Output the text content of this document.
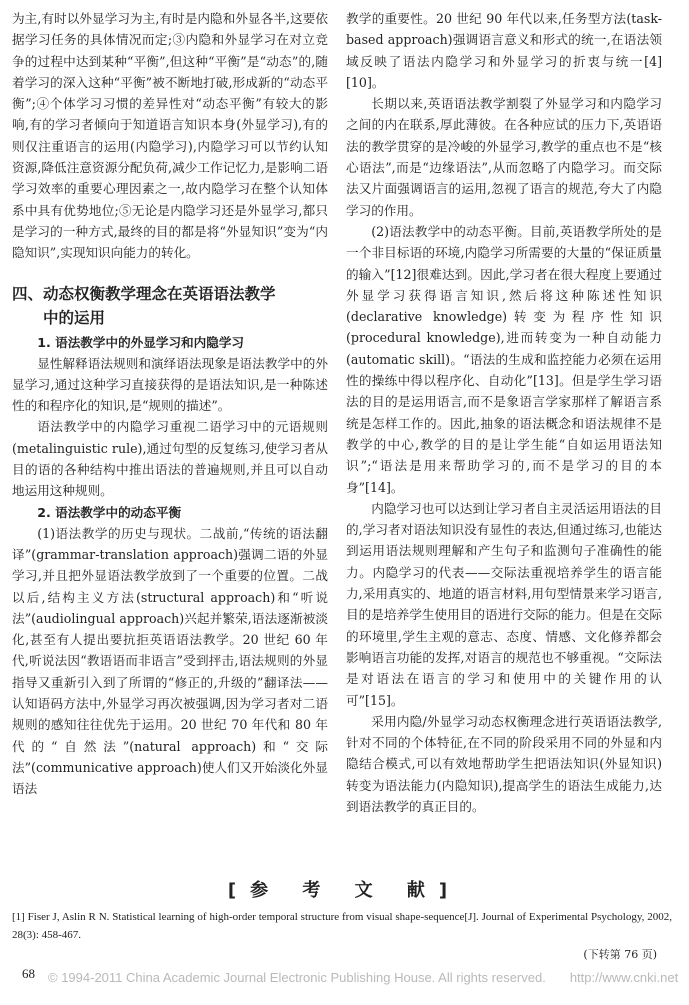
为主,有时以外显学习为主,有时是内隐和外显各半,这要依据学习任务的具体情况而定;③内隐和外显学习在对立竞争的过程中达到某种“平衡”,但这种“平衡”是“动态”的,随着学习的深入这种“平衡”被不断地打破,形成新的“动态平衡”;④个体学习习惯的差异性对“动态平衡”有较大的影响,有的学习者倾向于知道语言知识本身(外显学习),有的则仅注重语言的运用(内隐学习),内隐学习可以节约认知资源,降低注意资源分配负荷,减少工作记忆力,是影响二语学习效率的重要心理因素之一,故内隐学习在整个认知体系中具有优势地位;⑤无论是内隐学习还是外显学习,都只是学习的一种方式,最终的目的都是将“外显知识”变为“内隐知识”,实现知识向能力的转化。

四、动态权衡教学理念在英语语法教学
中的运用
1. 语法教学中的外显学习和内隐学习

显性解释语法规则和演绎语法现象是语法教学中的外显学习,通过这种学习直接获得的是语法知识,是一种陈述性的和程序化的知识,是“规则的描述”。

语法教学中的内隐学习重视二语学习中的元语规则(metalinguistic rule),通过句型的反复练习,使学习者从目的语的各种结构中推出语法的普遍规则,并且可以自动地运用这种规则。

2. 语法教学中的动态平衡

(1)语法教学的历史与现状。二战前,“传统的语法翻译”(grammar-translation approach)强调二语的外显学习,并且把外显语法教学放到了一个重要的位置。二战以后,结构主义方法(structural approach)和“听说法”(audiolingual approach)兴起并繁荣,语法逐渐被淡化,甚至有人提出要抗拒英语语法教学。20 世纪 60 年代,听说法因“教语语而非语言”受到抨击,语法规则的外显指导又重新引入到了所谓的“修正的,升级的”翻译法——认知语码方法中,外显学习再次被强调,因为学习者对二语规则的感知往往优先于运用。20 世纪 70 年代和 80 年代的“自然法”(natural approach)和“交际法”(communicative approach)使人们又开始淡化外显语法

教学的重要性。20 世纪 90 年代以来,任务型方法(task-based approach)强调语言意义和形式的统一,在语法领域反映了语法内隐学习和外显学习的折衷与统一[4][10]。

长期以来,英语语法教学割裂了外显学习和内隐学习之间的内在联系,厚此薄彼。在各种应试的压力下,英语语法的教学贯穿的是冷峻的外显学习,教学的重点也不是“核心语法”,而是“边缘语法”,从而忽略了内隐学习。而交际法又片面强调语言的运用,忽视了语言的规范,夸大了内隐学习的作用。

(2)语法教学中的动态平衡。目前,英语教学所处的是一个非目标语的环境,内隐学习所需要的大量的“保证质量的输入”[12]很难达到。因此,学习者在很大程度上要通过外显学习获得语言知识,然后将这种陈述性知识(declarative knowledge)转变为程序性知识(procedural knowledge),进而转变为一种自动能力(automatic skill)。“语法的生成和监控能力必须在运用性的操练中得以程序化、自动化”[13]。但是学生学习语法的目的是运用语言,而不是象语言学家那样了解语言系统是怎样工作的。因此,抽象的语法概念和语法规律不是教学的中心,教学的目的是让学生能“自如运用语法知识”;“语法是用来帮助学习的,而不是学习的目的本身”[14]。

内隐学习也可以达到让学习者自主灵活运用语法的目的,学习者对语法知识没有显性的表达,但通过练习,也能达到运用语法规则理解和产生句子和监测句子准确性的能力。内隐学习的代表——交际法重视培养学生的语言能力,采用真实的、地道的语言材料,用句型情景来学习语言,目的是培养学生使用目的语进行交际的能力。但是在交际的环境里,学生主观的意志、态度、情感、文化修养都会影响语言功能的发挥,对语言的规范也不够重视。“交际法是对语法在语言的学习和使用中的关键作用的认可”[15]。

采用内隐/外显学习动态权衡理念进行英语语法教学,针对不同的个体特征,在不同的阶段采用不同的外显和内隐结合模式,可以有效地帮助学生把语法知识(外显知识)转变为语法能力(内隐知识),提高学生的语法生成能力,达到语法教学的真正目的。

[参 考 文 献]
[1] Fiser J, Aslin R N. Statistical learning of high-order temporal structure from visual shape-sequence[J]. Journal of Experimental Psychology, 2002, 28(3): 458-467.
(下转第 76 页)
68 © 1994-2011 China Academic Journal Electronic Publishing House. All rights reserved. http://www.cnki.net
